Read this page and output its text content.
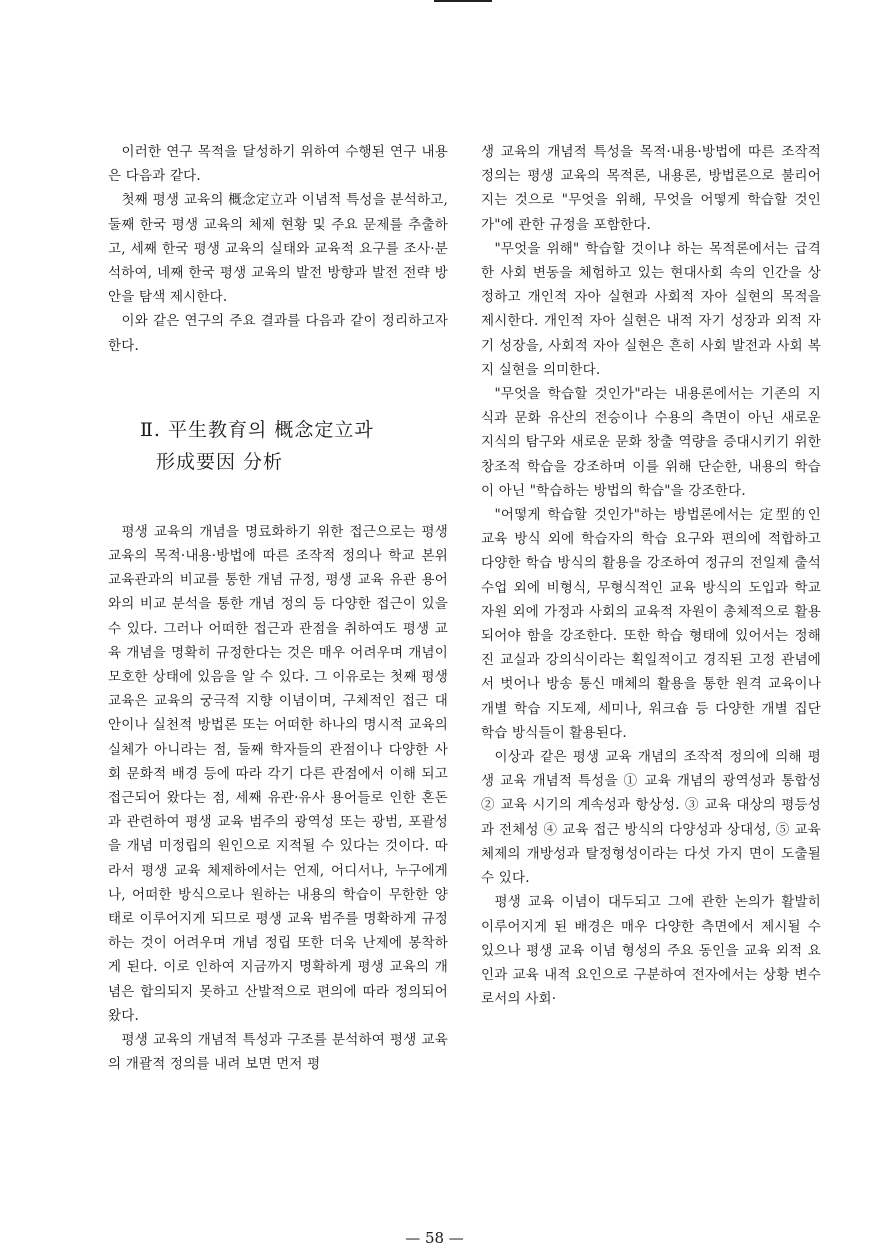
이러한 연구 목적을 달성하기 위하여 수행된 연구 내용은 다음과 같다.

첫째 평생 교육의 概念定立과 이념적 특성을 분석하고, 둘째 한국 평생 교육의 체제 현황 및 주요 문제를 추출하고, 세째 한국 평생 교육의 실태와 교육적 요구를 조사·분석하여, 네째 한국 평생 교육의 발전 방향과 발전 전략 방안을 탐색 제시한다.

이와 같은 연구의 주요 결과를 다음과 같이 정리하고자 한다.

Ⅱ. 平生教育의 概念定立과
形成要因 分析

평생 교육의 개념을 명료화하기 위한 접근으로는 평생 교육의 목적·내용·방법에 따른 조작적 정의나 학교 본위 교육관과의 비교를 통한 개념 규정, 평생 교육 유관 용어와의 비교 분석을 통한 개념 정의 등 다양한 접근이 있을 수 있다. 그러나 어떠한 접근과 관점을 취하여도 평생 교육 개념을 명확히 규정한다는 것은 매우 어려우며 개념이 모호한 상태에 있음을 알 수 있다. 그 이유로는 첫째 평생 교육은 교육의 궁극적 지향 이념이며, 구체적인 접근 대안이나 실천적 방법론 또는 어떠한 하나의 명시적 교육의 실체가 아니라는 점, 둘째 학자들의 관점이나 다양한 사회 문화적 배경 등에 따라 각기 다른 관점에서 이해 되고 접근되어 왔다는 점, 세째 유관·유사 용어들로 인한 혼돈과 관련하여 평생 교육 범주의 광역성 또는 광범, 포괄성을 개념 미정립의 원인으로 지적될 수 있다는 것이다. 따라서 평생 교육 체제하에서는 언제, 어디서나, 누구에게나, 어떠한 방식으로나 원하는 내용의 학습이 무한한 양태로 이루어지게 되므로 평생 교육 범주를 명확하게 규정하는 것이 어려우며 개념 정립 또한 더욱 난제에 봉착하게 된다. 이로 인하여 지금까지 명확하게 평생 교육의 개념은 합의되지 못하고 산발적으로 편의에 따라 정의되어 왔다.

평생 교육의 개념적 특성과 구조를 분석하여 평생 교육의 개괄적 정의를 내려 보면 먼저 평

생 교육의 개념적 특성을 목적·내용·방법에 따른 조작적 정의는 평생 교육의 목적론, 내용론, 방법론으로 불리어지는 것으로 "무엇을 위해, 무엇을 어떻게 학습할 것인가"에 관한 규정을 포함한다.

"무엇을 위해" 학습할 것이냐 하는 목적론에서는 급격한 사회 변동을 체험하고 있는 현대사회 속의 인간을 상정하고 개인적 자아 실현과 사회적 자아 실현의 목적을 제시한다. 개인적 자아 실현은 내적 자기 성장과 외적 자기 성장을, 사회적 자아 실현은 흔히 사회 발전과 사회 복지 실현을 의미한다.

"무엇을 학습할 것인가"라는 내용론에서는 기존의 지식과 문화 유산의 전승이나 수용의 측면이 아닌 새로운 지식의 탐구와 새로운 문화 창출 역량을 증대시키기 위한 창조적 학습을 강조하며 이를 위해 단순한, 내용의 학습이 아닌 "학습하는 방법의 학습"을 강조한다.

"어떻게 학습할 것인가"하는 방법론에서는 定型的인 교육 방식 외에 학습자의 학습 요구와 편의에 적합하고 다양한 학습 방식의 활용을 강조하여 정규의 전일제 출석 수업 외에 비형식, 무형식적인 교육 방식의 도입과 학교 자원 외에 가정과 사회의 교육적 자원이 총체적으로 활용되어야 함을 강조한다. 또한 학습 형태에 있어서는 정해진 교실과 강의식이라는 획일적이고 경직된 고정 관념에서 벗어나 방송 통신 매체의 활용을 통한 원격 교육이나 개별 학습 지도제, 세미나, 워크숍 등 다양한 개별 집단 학습 방식들이 활용된다.

이상과 같은 평생 교육 개념의 조작적 정의에 의해 평생 교육 개념적 특성을 ① 교육 개념의 광역성과 통합성 ② 교육 시기의 계속성과 항상성. ③ 교육 대상의 평등성과 전체성 ④ 교육 접근 방식의 다양성과 상대성, ⑤ 교육 체제의 개방성과 탈정형성이라는 다섯 가지 면이 도출될 수 있다.

평생 교육 이념이 대두되고 그에 관한 논의가 활발히 이루어지게 된 배경은 매우 다양한 측면에서 제시될 수 있으나 평생 교육 이념 형성의 주요 동인을 교육 외적 요인과 교육 내적 요인으로 구분하여 전자에서는 상황 변수로서의 사회·

— 58 —
